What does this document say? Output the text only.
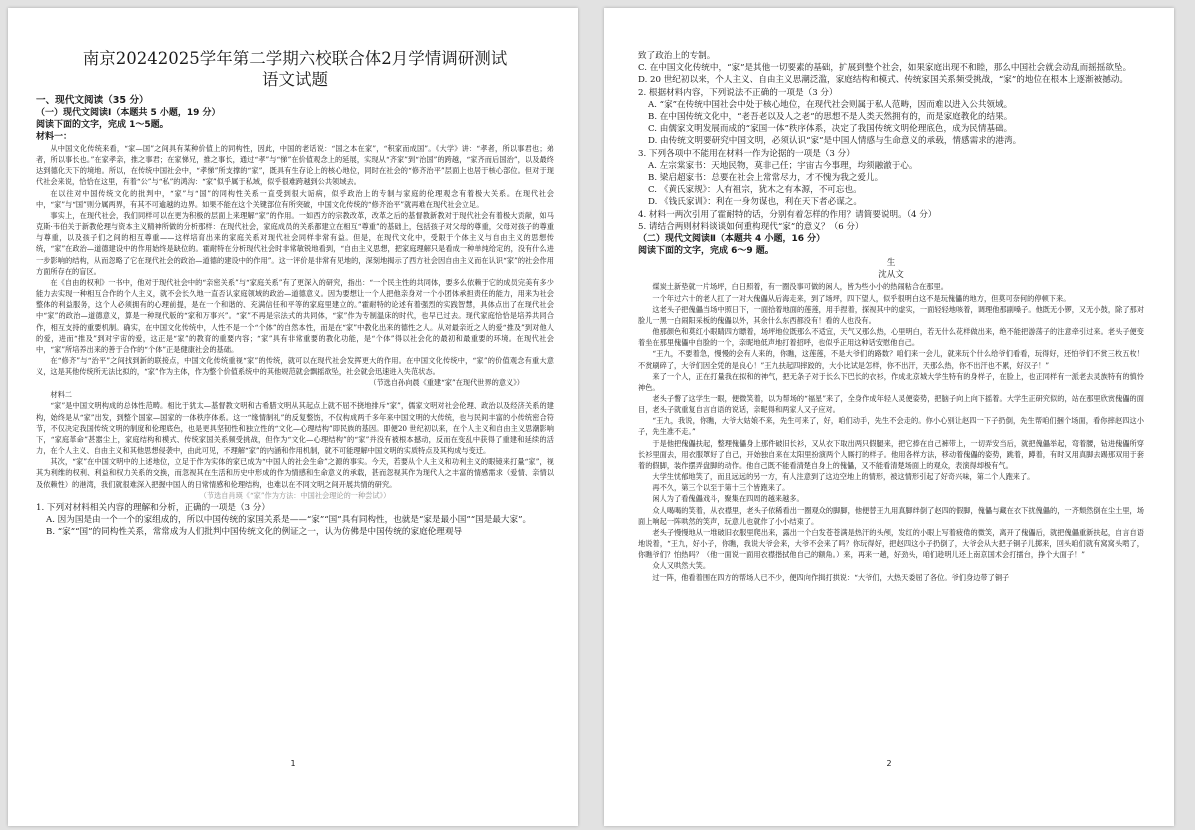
南京20242025学年第二学期六校联合体2月学情调研测试
语文试题

一、现代文阅读（35 分）

（一）现代文阅读Ⅰ（本题共 5 小题，19 分）

阅读下面的文字，完成 1～5题。

材料一：

从中国文化传统来看，“家—国”之间具有某种价值上的同构性，因此，中国的老话说：“国之本在家”，“积家而成国”。《大学》讲：“孝者，所以事君也；弟者，所以事长也。”在家孝亲，推之事君；在家悌兄，推之事长，通过“孝”与“悌”在价值观念上的延展，实现从“齐家”到“治国”的跨越，“家齐而后国治”，以及最终达到德化天下的境地。所以，在传统中国社会中，“孝悌”所支撑的“家”，既具有生存论上的核心地位，同时在社会的“修齐治平”层面上也居于核心部位。但对于现代社会来说，恰恰在这里，有着“公”与“私”的鸿沟：“家”似乎属于私域，似乎很难跨越到公共领域去。

在以往对中国传统文化的批判中，“家”与“国”的同构性关系一直受到很大诟病，似乎政治上的专制与家庭的伦理观念有着极大关系。在现代社会中，“家”与“国”则分属两界，有其不可逾越的边界。如果不能在这个关键部位有所突破，中国文化传统的“修齐治平”就再难在现代社会立足。

事实上，在现代社会，我们同样可以在更为积极的层面上来理解“家”的作用。一如西方的宗教改革，改革之后的基督教新教对于现代社会有着极大贡献，如马克斯·韦伯关于新教伦理与资本主义精神所做的分析那样：在现代社会，家庭成员的关系都建立在相互“尊重”的基础上，包括孩子对父母的尊重，父母对孩子的尊重与尊重，以及孩子们之间的相互尊重——这样培育出来的家庭关系对现代社会同样非常有益。但是，在现代文化中，受限于个体主义与自由主义的思想传统，“家”在政治—道德建设中的作用始终是缺位的。霍耐特在分析现代社会时非常敏锐地看到，“自由主义思想，把家庭理解只是看成一种单纯给定的，没有什么进一步影响的结构，从而忽略了它在现代社会的政治—道德的建设中的作用”。这一评价是非常有见地的，深刻地揭示了西方社会因自由主义而在认识“家”的社会作用方面所存在的盲区。

在《自由的权利》一书中，他对于现代社会中的“亲密关系”与“家庭关系”有了更深入的研究，指出：“一个民主性的共同体，要多么依赖于它的成员完美有多少能力去实现一种相互合作的个人主义，就不会长久地一直否认家庭领域的政治—道德意义。因为要想让一个人把他亲身对一个小团体承担责任的能力，用来为社会整体的利益服务，这个人必须拥有的心理前提，是在一个和谐的、充满信任和平等的家庭里建立的。”霍耐特的论述有着强烈的实践智慧，具体点出了在现代社会中“家”的政治—道德意义，算是一种现代版的“家和万事兴”。“家”不再是宗法式的共同体，“家”作为专制温床的时代，也早已过去。现代家庭恰恰是培养共同合作，相互支持的重要机制。确实，在中国文化传统中，人性不是一个“个体”的自然本性，而是在“家”中教化出来的德性之人。从对最亲近之人的爱“推及”到对他人的爱，进而“推及”到对宇宙的爱，这正是“家”的教育的重要内容；“家”具有非常重要的教化功能，是“个体”得以社会化的最初和最重要的环境。在现代社会中，“家”所培养出来的善于合作的“个体”正是健康社会的基础。

在“修齐”与“治平”之间找到新的联接点，中国文化传统重视“家”的传统，就可以在现代社会发挥更大的作用。在中国文化传统中，“家”的价值观念有重大意义，这是其他传统所无法比拟的，“家”作为主体，作为整个价值系统中的其他规范就会飘摇欲坠，社会就会迅速进入失范状态。

（节选自孙向晨《重建“家”在现代世界的意义》）

材料二

“家”是中国文明构成的总体性范畴。相比于犹太—基督教文明和古希腊文明从其起点上就不屈不挠地排斥“家”，儒家文明对社会伦理、政治以及经济关系的建构，始终是从“家”出发，到整个国家—国家的一体秩序体系。这一“缘情制礼”的反复整饬，不仅构成两千多年来中国文明的大传统，也与民间丰富的小传统密合符节，不仅决定我国传统文明的制度和伦理底色，也是更具坚韧性和独立性的“文化—心理结构”即民族的基因。即便20 世纪初以来，在个人主义和自由主义思潮影响下，“家庭革命”甚嚣尘上，家庭结构和模式、传统家国关系频受挑战，但作为“文化—心理结构”的“家”并没有被根本撼动，反而在变乱中获得了重建和延续的活力，在个人主义、自由主义和其他思想侵袭中，由此可见，不理解“家”的内涵和作用机制，就不可能理解中国文明的实质特点及其构成与变迁。

其次，“家”在中国文明中的上述地位，立足于作为实体的家已成为“中国人的社会生命”之源的事实。今天，若要从个人主义和功利主义的眼镜来打量“家”，视其为利维的权利、利益和权力关系的交换，而忽视其在生活和历史中形成的作为情感和生命意义的承载，甚而忽视其作为现代人之丰富的情感需求（爱情、亲情以及依赖性）的港湾，我们就很难深入把握中国人的日常情感和伦理结构，也难以在不同文明之间开展共情的研究。

（节选自肖瑛《“家”作为方法：中国社会理论的一种尝试》）

1. 下列对材料相关内容的理解和分析，正确的一项是（3 分）

A. 因为国是由一个一个的家组成的，所以中国传统的家国关系是——“家”“国”具有同构性，也就是“家是最小国”“国是最大家”。

B. “家”“国”的同构性关系，常常成为人们批判中国传统文化的例证之一，认为仿佛是中国传统的家庭伦理观导

1

致了政治上的专制。

C. 在中国文化传统中，“家”是其他一切要素的基础，扩展到整个社会，如果家庭出现不和睦，那么中国社会就会动乱而摇摇欲坠。

D. 20 世纪初以来，个人主义、自由主义思潮泛滥，家庭结构和模式、传统家国关系频受挑战，“家”的地位在根本上逐渐被撼动。

2. 根据材料内容，下列说法不正确的一项是（3 分）

A. “家”在传统中国社会中处于核心地位，在现代社会则属于私人范畴，因而难以进入公共领域。

B. 在中国传统文化中，“老吾老以及人之老”的思想不是人类天然拥有的，而是家庭教化的结果。

C. 由儒家文明发展而成的“家国一体”秩序体系，决定了我国传统文明伦理底色，成为民情基础。

D. 由传统文明要研究中国文明，必须认识“家”是中国人情感与生命意义的承载，情感需求的港湾。

3. 下列各项中不能用在材料一作为论据的一项是（3 分）

A. 左宗棠家书：天地民物，莫非己任；宇宙古今事理，均须融澈于心。

B. 梁启超家书：总要在社会上常常尽力，才不愧为我之爱儿。

C. 《黄氏家规》：人有祖宗，犹木之有本源，不可忘也。

D. 《钱氏家训》：利在一身勿谋也，利在天下者必谋之。

4. 材料一两次引用了霍耐特的话，分别有着怎样的作用？请简要说明。（4 分）

5. 请结合两则材料谈谈如何重构现代“家”的意义？（6 分）

（二）现代文阅读Ⅱ（本题共 4 小题，16 分）

阅读下面的文字，完成 6～9 题。

生

沈从文

煤炭土新垫就一片场坪，白日照着，有一圈没事可做的闲人，皆为些小小的热闹粘合在那里。

一个年过六十的老人扛了一对大傀儡从后海走来，到了场坪，四下望人，似乎很明白这不是玩傀儡的地方，但莫可奈何的停顿下来。

这老头子把傀儡当场中照日下，一面拾着地面的莲莲，用手捏着，探视其中的虚实，一面轻轻地咳着，调理他那副嗓子。他既无小锣，又无小鼓，除了那对脸儿一黑一白闹阳采板的傀儡以外，其余什么东西都没有！看的人也没有。

他那颜色和莫红小眼睛四方瞟着，场坪地位既那么不适宜，天气又那么热，心里明白，若无什么花样做出来，绝不能把游荡子的注意牵引过来。老头子便变着坐在那里傀儡中自脸的一个，亲昵地低声地打着招呼，也似乎正用这种话安慰他自己。

“王九，不要着急，慢慢的会有人来的，你瞧，这莲莲，不是大爷们的路数？咱们来一会儿，就来玩个什么给爷们看看，玩得好，还怕爷们不赏三枚五枚！不赏刷碎了，大爷们因全凭的是良心！”王九扶起四摔跤的，大小比试是怎样，你不出汗，天那么热，你不出汗也不累，好汉子！”

来了一个人，正在打量我在拟和的神气，把无条子对于长么下巴长的衣衫，作成北京城大学生特有的身样子，在脸上，也正同样有一派老去灵族特有的慎怜神色。

老头子瞥了这学生一眼，便微笑着，以为帮场的“福星”来了，全身作成年轻人灵便姿势，把脑子向上向下摇着。大学生正研究似的，站在那里欣赏傀儡的面目，老头子就重复自言自语的说话，亲昵得和两家人又子应对。

“王九，我说，你瞧，大爷大姑娘不来，先生可来了，好，咱们动手，先生不会走的。你小心别让赵四一下子扔倒，先生帮咱们捆个场面，看你摔赵四这小子，先生准不走。”

于是他把傀儡扶起，整理傀儡身上那件破旧长衫，又从衣下取出两只假腿来，把它捧在自己裤带上，一切弄安当后，就把傀儡举起，弯着腰，钻进傀儡所穿长衫里面去，用衣服罩好了自己，开始独自来在太阳里扮演两个人厮打的样子。他用各样方法，移动着傀儡的姿势，跳着，蹲着，有时又用真脚去踢那双用于套着的假脚，装作摆弄盘脚的动作。他自己既不能看清楚自身上的傀儡，又不能看清楚场面上的观众，表演得却极有气。

大学生忧郁地笑了，而且远远的另一方，有人注意到了这边空地上的情形，被这情形引起了好奇兴味，第二个人跑来了。

再不久，第三个以至于第十三个皆跑来了。

闲人为了看傀儡戏斗，聚集在四周的越来越多。

众人喝喝的笑着，从衣襟里，老头子依稀看出一圈观众的脚脚，他便替王九用真脚绊倒了赵四的假脚，傀儡与藏在衣下扰傀儡的，一齐颓然倒在尘土里，场面上响起一阵哄然的笑声，玩意儿也就作了小小结束了。

老头子慢慢地从一堆破旧衣服里爬出来，露出一个白发苍苍满是热汗的头颅，发红的小眼上写着疲倦的微笑，离开了傀儡后，就把傀儡重新扶起，自言自语地说着，“王九，好小子，你瞧，我说大爷会来，大爷不会来了吗？你玩得好，把赵四这小子扔倒了，大爷会从大把子铜子儿掷来，回头咱们就有窝窝头啃了，你瞧爷们？怕热吗？（他一面说一面用衣襟揩拭他自己的额角。）来，再来一趟，好劲头，咱们趁明儿还上南京国术会打擂台，挣个大面子！”

众人又哄然大笑。

过一阵，他看着围在四方的帮场人已不少，便四向作揖打拱说：“大爷们，大热天委屈了各位。爷们身边带了铜子

2
